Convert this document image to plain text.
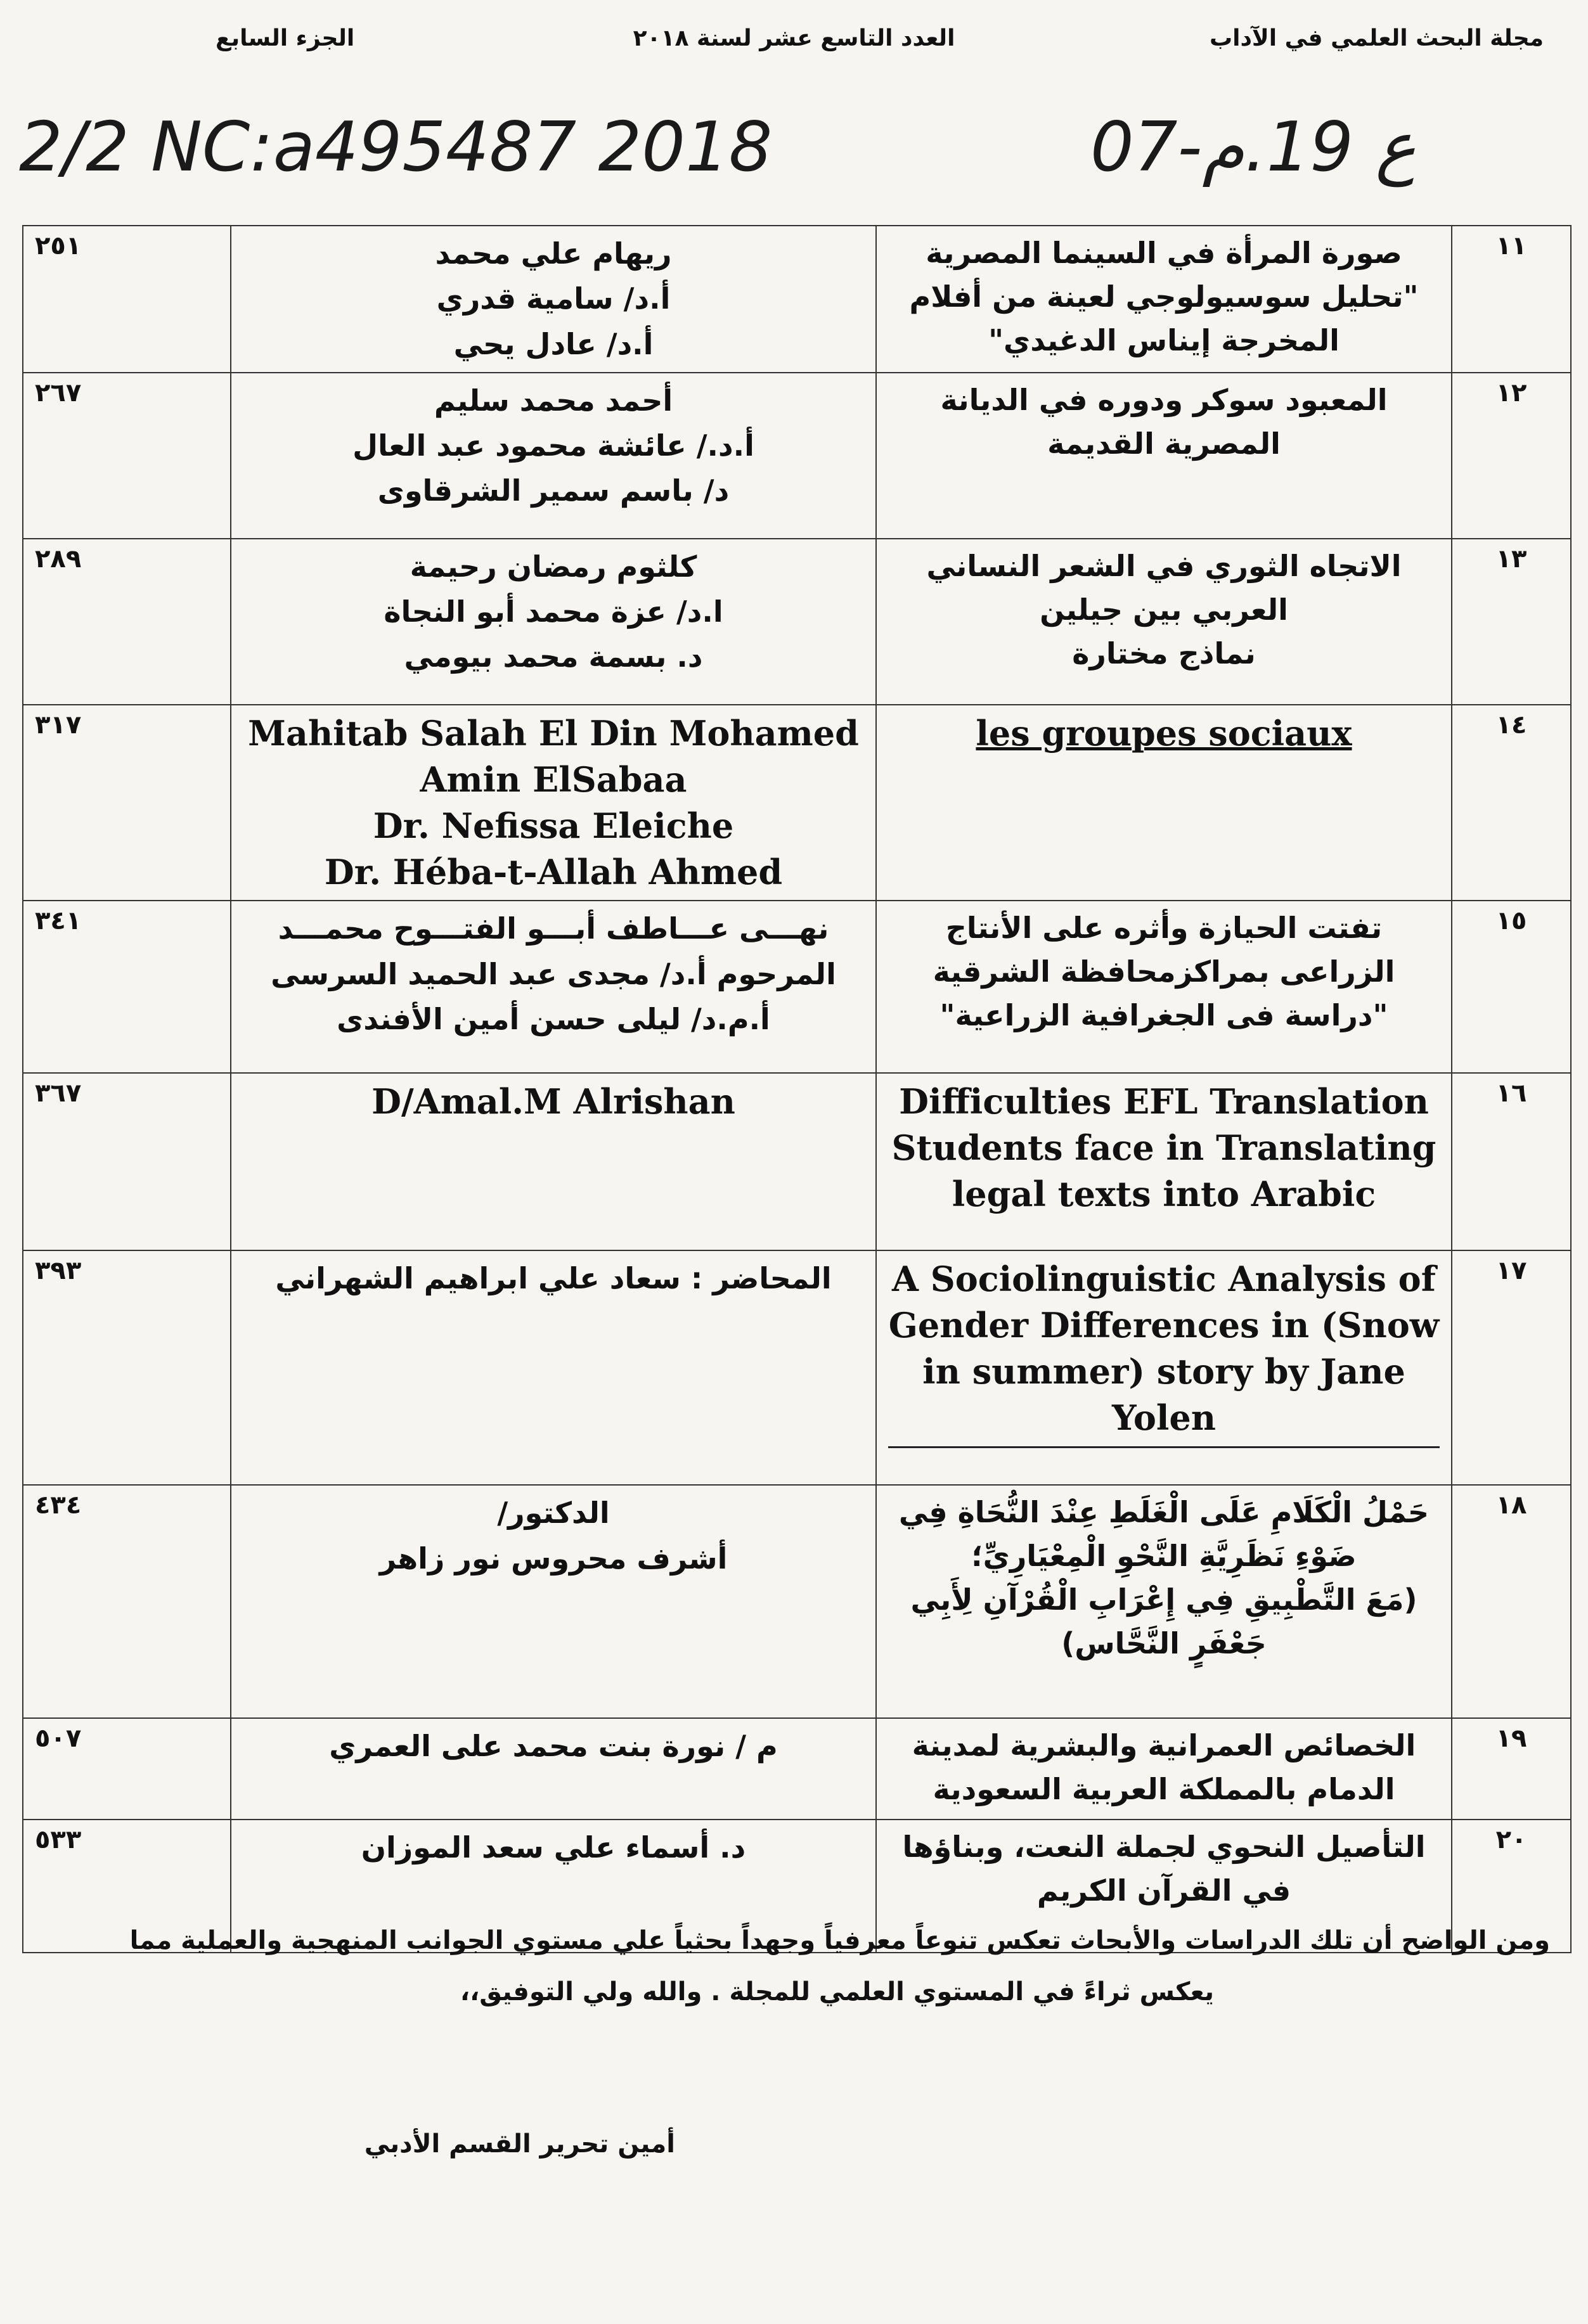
مجلة البحث العلمي في الآداب
العدد التاسع عشر لسنة ٢٠١٨
الجزء السابع
2/2 NC:a495487 2018	07-ع 19.م
١١	صورة المرأة في السينما المصرية
"تحليل سوسيولوجي لعينة من أفلام
المخرجة إيناس الدغيدي"	ريهام علي محمد
أ.د/ سامية قدري
أ.د/ عادل يحي	٢٥١
١٢	المعبود سوكر ودوره في الديانة
المصرية القديمة	أحمد محمد سليم
أ.د./ عائشة محمود عبد العال
د/ باسم سمير الشرقاوى	٢٦٧
١٣	الاتجاه الثوري في الشعر النساني
العربي بين جيلين
نماذج مختارة	كلثوم رمضان رحيمة
ا.د/ عزة محمد أبو النجاة
د. بسمة محمد بيومي	٢٨٩
١٤	les groupes sociaux	Mahitab Salah El Din Mohamed
Amin ElSabaa
Dr. Nefissa Eleiche
Dr. Héba-t-Allah Ahmed	٣١٧
١٥	تفتت الحيازة وأثره على الأنتاج
الزراعى بمراكزمحافظة الشرقية
"دراسة فى الجغرافية الزراعية"	نهـــى عـــاطف أبـــو الفتـــوح محمـــد
المرحوم أ.د/ مجدى عبد الحميد السرسى
أ.م.د/ ليلى حسن أمين الأفندى	٣٤١
١٦	Difficulties EFL Translation
Students face in Translating
legal texts into Arabic	D/Amal.M Alrishan	٣٦٧
١٧	A Sociolinguistic Analysis of
Gender Differences in (Snow
in summer) story by Jane
Yolen	المحاضر : سعاد علي ابراهيم الشهراني	٣٩٣
١٨	حَمْلُ الْكَلَامِ عَلَى الْغَلَطِ عِنْدَ النُّحَاةِ فِي
ضَوْءِ نَظَرِيَّةِ النَّحْوِ الْمِعْيَارِيِّ؛
(مَعَ التَّطْبِيقِ فِي إِعْرَابِ الْقُرْآنِ لِأَبِي
جَعْفَرٍ النَّحَّاس)	الدكتور/
أشرف محروس نور زاهر	٤٣٤
١٩	الخصائص العمرانية والبشرية لمدينة
الدمام بالمملكة العربية السعودية	م / نورة بنت محمد على العمري	٥٠٧
٢٠	التأصيل النحوي لجملة النعت، وبناؤها
في القرآن الكريم	د. أسماء علي سعد الموزان	٥٣٣
ومن الواضح أن تلك الدراسات والأبحاث تعكس تنوعاً معرفياً وجهداً بحثياً علي مستوي الجوانب المنهجية والعملية مما
يعكس ثراءً في المستوي العلمي للمجلة . والله ولي التوفيق،،
أمين تحرير القسم الأدبي
